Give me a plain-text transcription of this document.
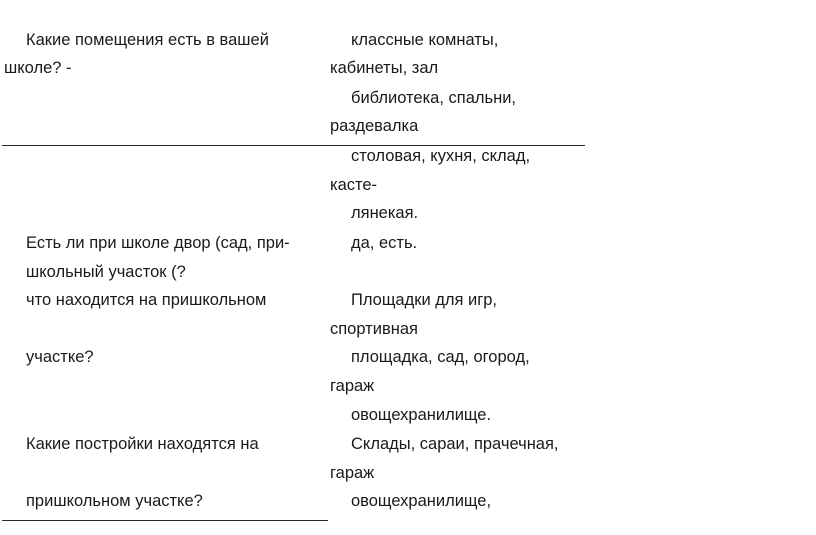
Какие помещения есть в вашей
школе? -
Есть ли при школе двор (сад, при-
школьный участок (?
что находится на пришкольном
участке?
Какие постройки находятся на
пришкольном участке?
классные комнаты,
кабинеты, зал
библиотека, спальни,
раздевалка
столовая, кухня, склад,
касте-
лянекая.
да, есть.
Площадки для игр,
спортивная
площадка, сад, огород,
гараж
овощехранилище.
Склады, сараи, прачечная,
гараж
овощехранилище,
